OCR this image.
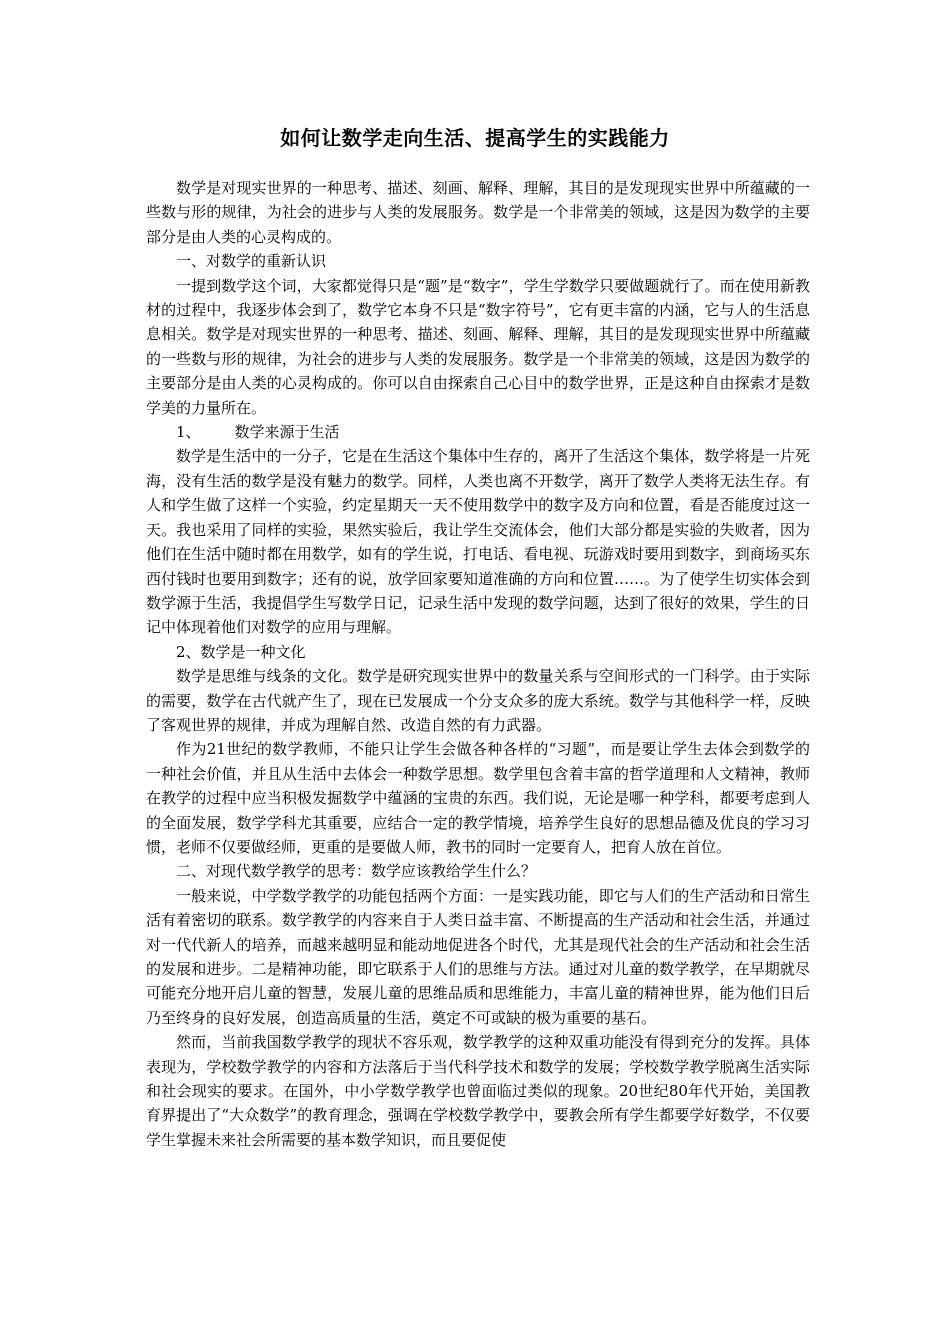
如何让数学走向生活、提高学生的实践能力

数学是对现实世界的一种思考、描述、刻画、解释、理解，其目的是发现现实世界中所蕴藏的一些数与形的规律，为社会的进步与人类的发展服务。数学是一个非常美的领域，这是因为数学的主要部分是由人类的心灵构成的。

一、对数学的重新认识

一提到数学这个词，大家都觉得只是“题”是“数字”，学生学数学只要做题就行了。而在使用新教材的过程中，我逐步体会到了，数学它本身不只是“数字符号”，它有更丰富的内涵，它与人的生活息息相关。数学是对现实世界的一种思考、描述、刻画、解释、理解，其目的是发现现实世界中所蕴藏的一些数与形的规律，为社会的进步与人类的发展服务。数学是一个非常美的领域，这是因为数学的主要部分是由人类的心灵构成的。你可以自由探索自己心目中的数学世界，正是这种自由探索才是数学美的力量所在。

1、 数学来源于生活

数学是生活中的一分子，它是在生活这个集体中生存的，离开了生活这个集体，数学将是一片死海，没有生活的数学是没有魅力的数学。同样，人类也离不开数学，离开了数学人类将无法生存。有人和学生做了这样一个实验，约定星期天一天不使用数学中的数字及方向和位置，看是否能度过这一天。我也采用了同样的实验，果然实验后，我让学生交流体会，他们大部分都是实验的失败者，因为他们在生活中随时都在用数学，如有的学生说，打电话、看电视、玩游戏时要用到数字，到商场买东西付钱时也要用到数字；还有的说，放学回家要知道准确的方向和位置……。为了使学生切实体会到数学源于生活，我提倡学生写数学日记，记录生活中发现的数学问题，达到了很好的效果，学生的日记中体现着他们对数学的应用与理解。

2、数学是一种文化

数学是思维与线条的文化。数学是研究现实世界中的数量关系与空间形式的一门科学。由于实际的需要，数学在古代就产生了，现在已发展成一个分支众多的庞大系统。数学与其他科学一样，反映了客观世界的规律，并成为理解自然、改造自然的有力武器。

作为21世纪的数学教师，不能只让学生会做各种各样的“习题”，而是要让学生去体会到数学的一种社会价值，并且从生活中去体会一种数学思想。数学里包含着丰富的哲学道理和人文精神，教师在教学的过程中应当积极发掘数学中蕴涵的宝贵的东西。我们说，无论是哪一种学科，都要考虑到人的全面发展，数学学科尤其重要，应结合一定的教学情境，培养学生良好的思想品德及优良的学习习惯，老师不仅要做经师，更重的是要做人师，教书的同时一定要育人，把育人放在首位。

二、对现代数学教学的思考：数学应该教给学生什么？

一般来说，中学数学教学的功能包括两个方面：一是实践功能，即它与人们的生产活动和日常生活有着密切的联系。数学教学的内容来自于人类日益丰富、不断提高的生产活动和社会生活，并通过对一代代新人的培养，而越来越明显和能动地促进各个时代，尤其是现代社会的生产活动和社会生活的发展和进步。二是精神功能，即它联系于人们的思维与方法。通过对儿童的数学教学，在早期就尽可能充分地开启儿童的智慧，发展儿童的思维品质和思维能力，丰富儿童的精神世界，能为他们日后乃至终身的良好发展，创造高质量的生活，奠定不可或缺的极为重要的基石。

然而，当前我国数学教学的现状不容乐观，数学教学的这种双重功能没有得到充分的发挥。具体表现为，学校数学教学的内容和方法落后于当代科学技术和数学的发展；学校数学教学脱离生活实际和社会现实的要求。在国外，中小学数学教学也曾面临过类似的现象。20世纪80年代开始，美国教育界提出了“大众数学”的教育理念，强调在学校数学教学中，要教会所有学生都要学好数学，不仅要学生掌握未来社会所需要的基本数学知识，而且要促使
